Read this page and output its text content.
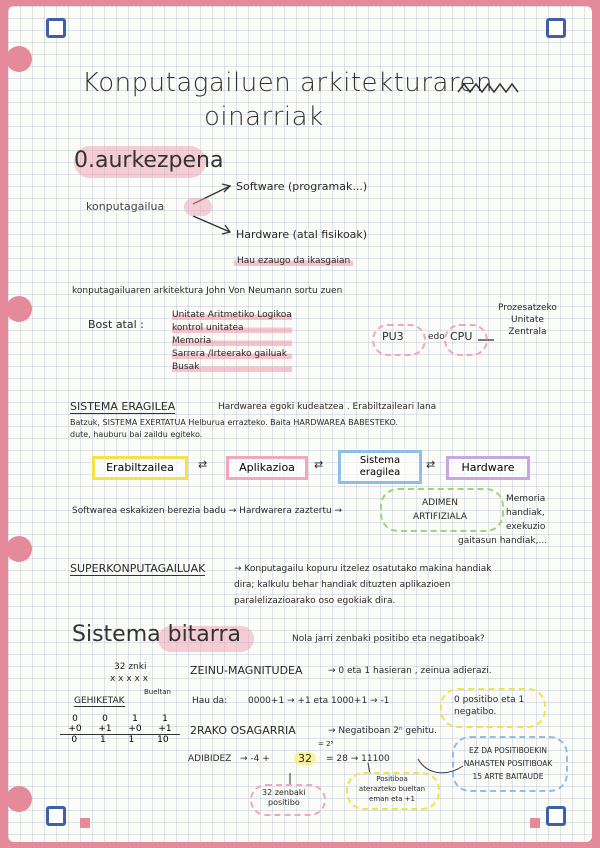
Konputagailuen arkitekturaren
oinarriak
0.aurkezpena
konputagailua
Software (programak...)
Hardware (atal fisikoak)
Hau ezaugo da ikasgaian
konputagailuaren arkitektura John Von Neumann sortu zuen
Bost atal :
Unitate Aritmetiko Logikoa
kontrol unitatea
Memoria
Sarrera /Irteerako gailuak
Busak
PU3	edo CPU
Prozesatzeko
Unitate
Zentrala
SISTEMA ERAGILEA	Hardwarea egoki kudeatzea . Erabiltzaileari lana
Batzuk, SISTEMA EXERTATUA Helburua errazteko. Baita HARDWAREA BABESTEKO.
dute, hauburu bai zaildu egiteko.
Erabiltzailea	⇄	Aplikazioa	⇄	Sistema eragilea
⇄	Hardware
Softwarea eskakizen berezia badu → Hardwarera zaztertu →
ADIMEN
ARTIFIZIALA
Memoria
handiak,
exekuzio
gaitasun handiak,...
SUPERKONPUTAGAILUAK	→ Konputagailu kopuru itzelez osatutako makina handiak
dira; kalkulu behar handiak dituzten aplikazioen
paralelizazioarako oso egokiak dira.
Sistema bitarra	Nola jarri zenbaki positibo eta negatiboak?
32 znki
x x x x x
ZEINU-MAGNITUDEA	→ 0 eta 1 hasieran , zeinua adierazi.
GEHIKETAK
Bueltan
Hau da: 0000+1 → +1 eta 1000+1 → -1	0 positibo eta 1
negatibo.
0	0	1	1
+0 +1 +0 +1
0	1	1	10
2RAKO OSAGARRIA	→ Negatiboan 2ⁿ gehitu.
ADIBIDEZ → -4 +	32	= 28 → 11100
= 2⁵
32 zenbaki
positibo
Positiboa
aterazteko bueltan
eman eta +1
EZ DA POSITIBOEKIN
NAHASTEN POSITIBOAK
15 ARTE BAITAUDE
